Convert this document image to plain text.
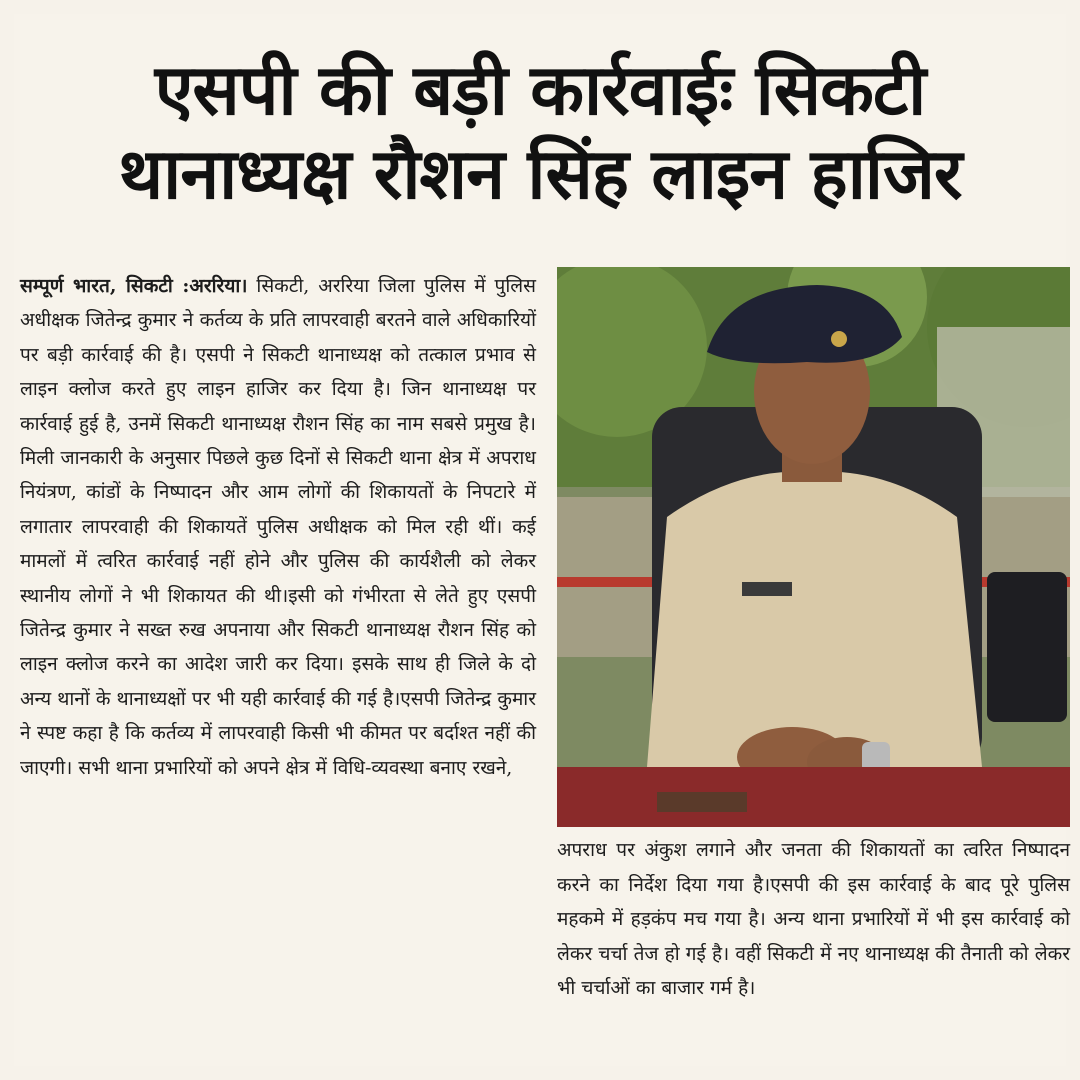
एसपी की बड़ी कार्रवाईः सिकटी
थानाध्यक्ष रौशन सिंह लाइन हाजिर

सम्पूर्ण भारत, सिकटी :अररिया। सिकटी, अररिया जिला पुलिस में पुलिस अधीक्षक जितेन्द्र कुमार ने कर्तव्य के प्रति लापरवाही बरतने वाले अधिकारियों पर बड़ी कार्रवाई की है। एसपी ने सिकटी थानाध्यक्ष को तत्काल प्रभाव से लाइन क्लोज करते हुए लाइन हाजिर कर दिया है। जिन थानाध्यक्ष पर कार्रवाई हुई है, उनमें सिकटी थानाध्यक्ष रौशन सिंह का नाम सबसे प्रमुख है।मिली जानकारी के अनुसार पिछले कुछ दिनों से सिकटी थाना क्षेत्र में अपराध नियंत्रण, कांडों के निष्पादन और आम लोगों की शिकायतों के निपटारे में लगातार लापरवाही की शिकायतें पुलिस अधीक्षक को मिल रही थीं। कई मामलों में त्वरित कार्रवाई नहीं होने और पुलिस की कार्यशैली को लेकर स्थानीय लोगों ने भी शिकायत की थी।इसी को गंभीरता से लेते हुए एसपी जितेन्द्र कुमार ने सख्त रुख अपनाया और सिकटी थानाध्यक्ष रौशन सिंह को लाइन क्लोज करने का आदेश जारी कर दिया। इसके साथ ही जिले के दो अन्य थानों के थानाध्यक्षों पर भी यही कार्रवाई की गई है।एसपी जितेन्द्र कुमार ने स्पष्ट कहा है कि कर्तव्य में लापरवाही किसी भी कीमत पर बर्दाश्त नहीं की जाएगी। सभी थाना प्रभारियों को अपने क्षेत्र में विधि-व्यवस्था बनाए रखने,

अपराध पर अंकुश लगाने और जनता की शिकायतों का त्वरित निष्पादन करने का निर्देश दिया गया है।एसपी की इस कार्रवाई के बाद पूरे पुलिस महकमे में हड़कंप मच गया है। अन्य थाना प्रभारियों में भी इस कार्रवाई को लेकर चर्चा तेज हो गई है। वहीं सिकटी में नए थानाध्यक्ष की तैनाती को लेकर भी चर्चाओं का बाजार गर्म है।
